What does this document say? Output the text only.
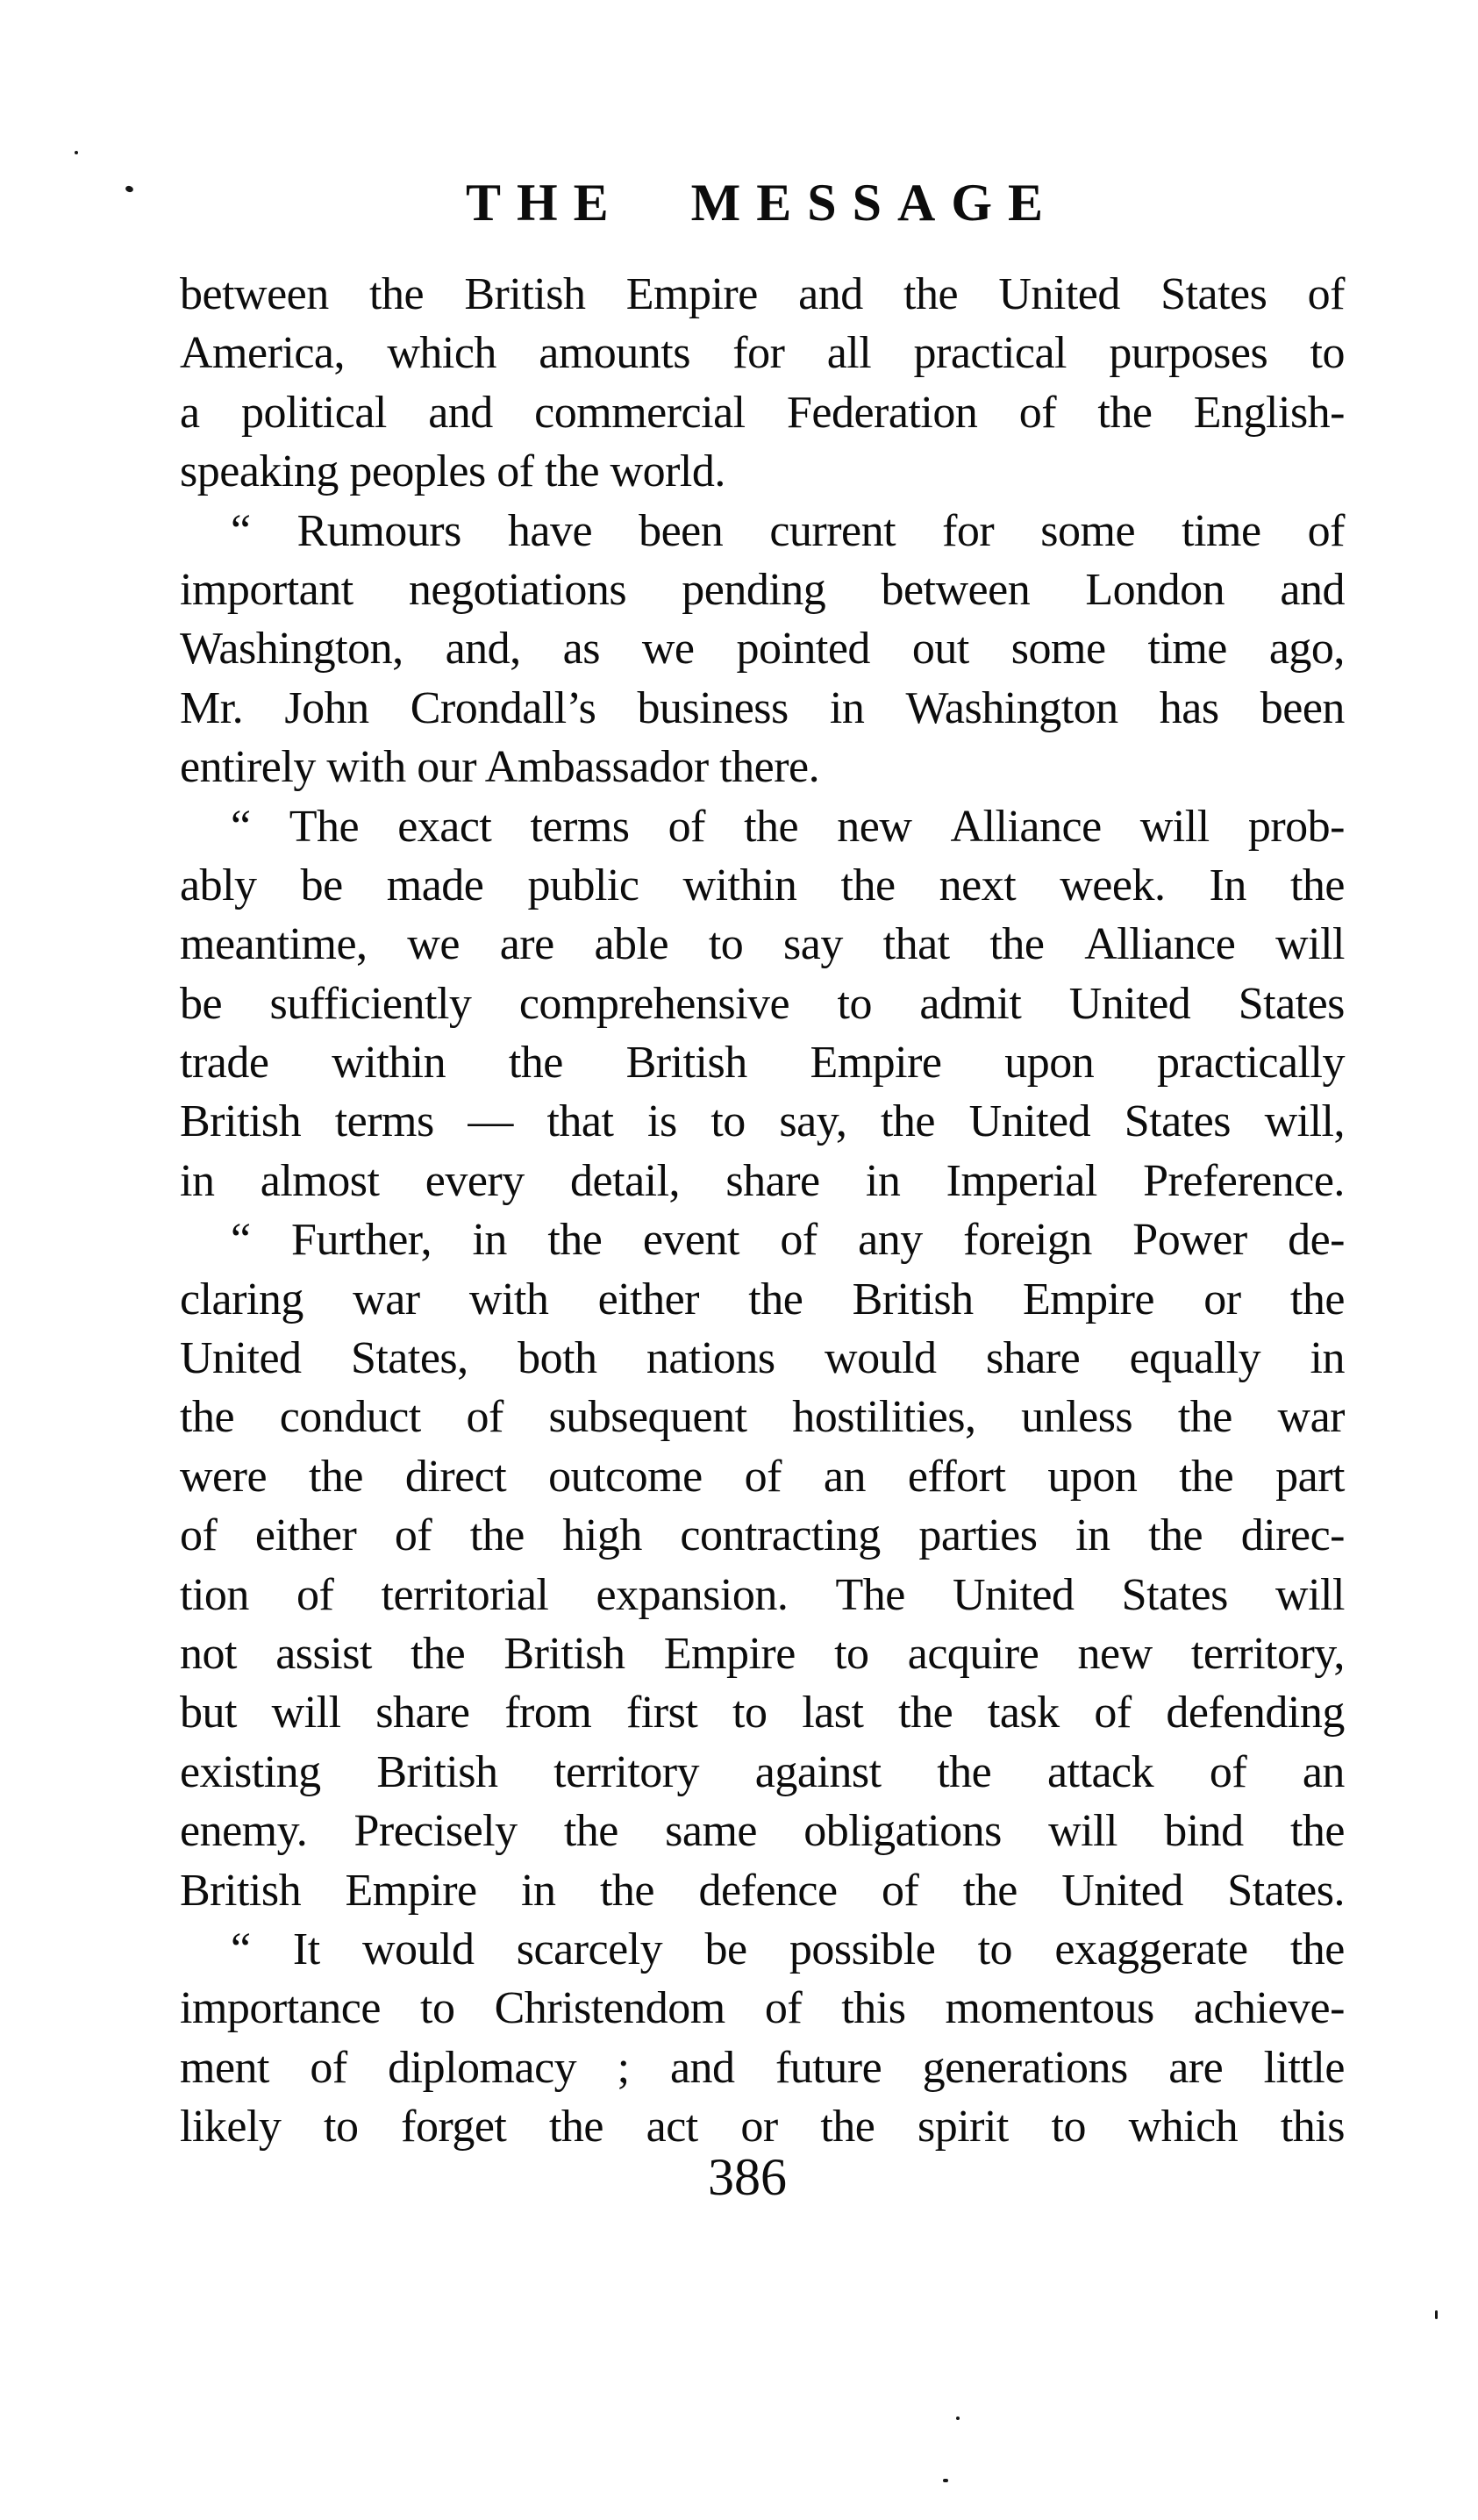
THE MESSAGE
between the British Empire and the United States of
America, which amounts for all practical purposes to
a political and commercial Federation of the English-
speaking peoples of the world.
“ Rumours have been current for some time of
important negotiations pending between London and
Washington, and, as we pointed out some time ago,
Mr. John Crondall’s business in Washington has been
entirely with our Ambassador there.
“ The exact terms of the new Alliance will prob-
ably be made public within the next week. In the
meantime, we are able to say that the Alliance will
be sufficiently comprehensive to admit United States
trade within the British Empire upon practically
British terms — that is to say, the United States will,
in almost every detail, share in Imperial Preference.
“ Further, in the event of any foreign Power de-
claring war with either the British Empire or the
United States, both nations would share equally in
the conduct of subsequent hostilities, unless the war
were the direct outcome of an effort upon the part
of either of the high contracting parties in the direc-
tion of territorial expansion. The United States will
not assist the British Empire to acquire new territory,
but will share from first to last the task of defending
existing British territory against the attack of an
enemy. Precisely the same obligations will bind the
British Empire in the defence of the United States.
“ It would scarcely be possible to exaggerate the
importance to Christendom of this momentous achieve-
ment of diplomacy ; and future generations are little
likely to forget the act or the spirit to which this
386
